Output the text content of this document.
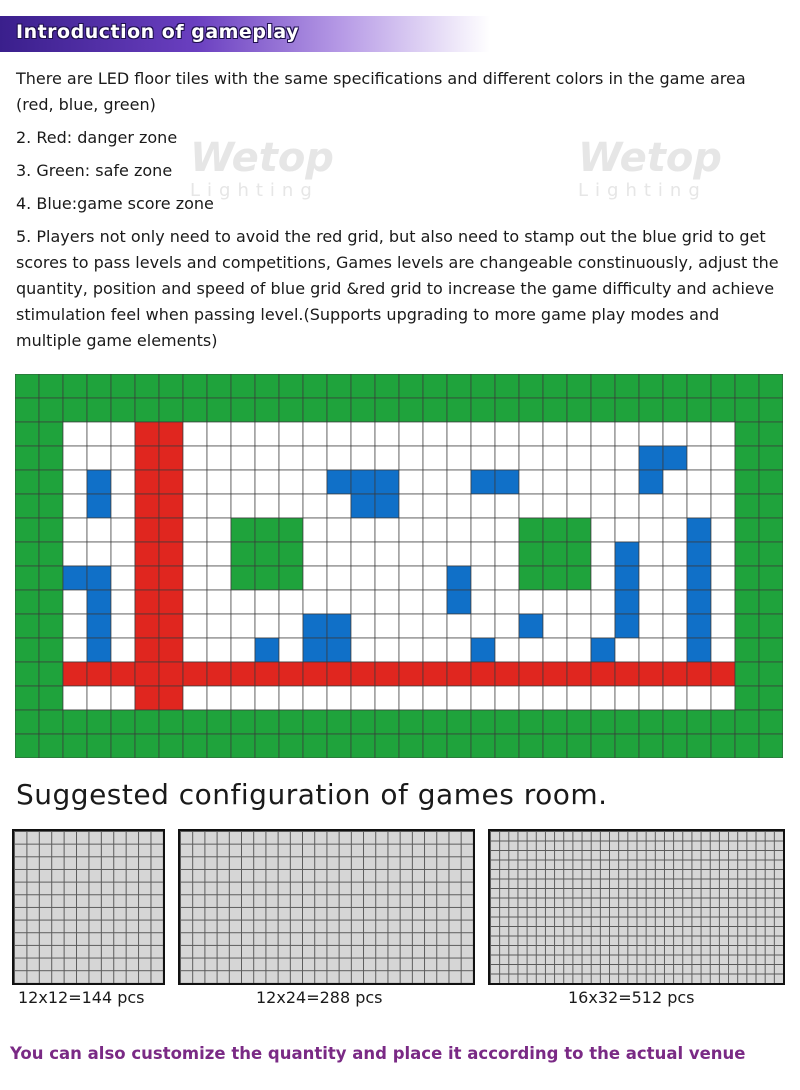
Wetop
Lighting
Wetop
Lighting
Introduction of gameplay

There are LED floor tiles with the same specifications and different colors in the game area (red, blue, green)

2. Red: danger zone

3. Green: safe zone

4. Blue:game score zone

5. Players not only need to avoid the red grid, but also need to stamp out the blue grid to get scores to pass levels and competitions, Games levels are changeable constinuously, adjust the quantity, position and speed of blue grid &red grid to increase the game difficulty and achieve stimulation feel when passing level.(Supports upgrading to more game play modes and multiple game elements)

Suggested configuration of games room.
12x12=144 pcs	12x24=288 pcs	16x32=512 pcs
You can also customize the quantity and place it according to the actual venue
